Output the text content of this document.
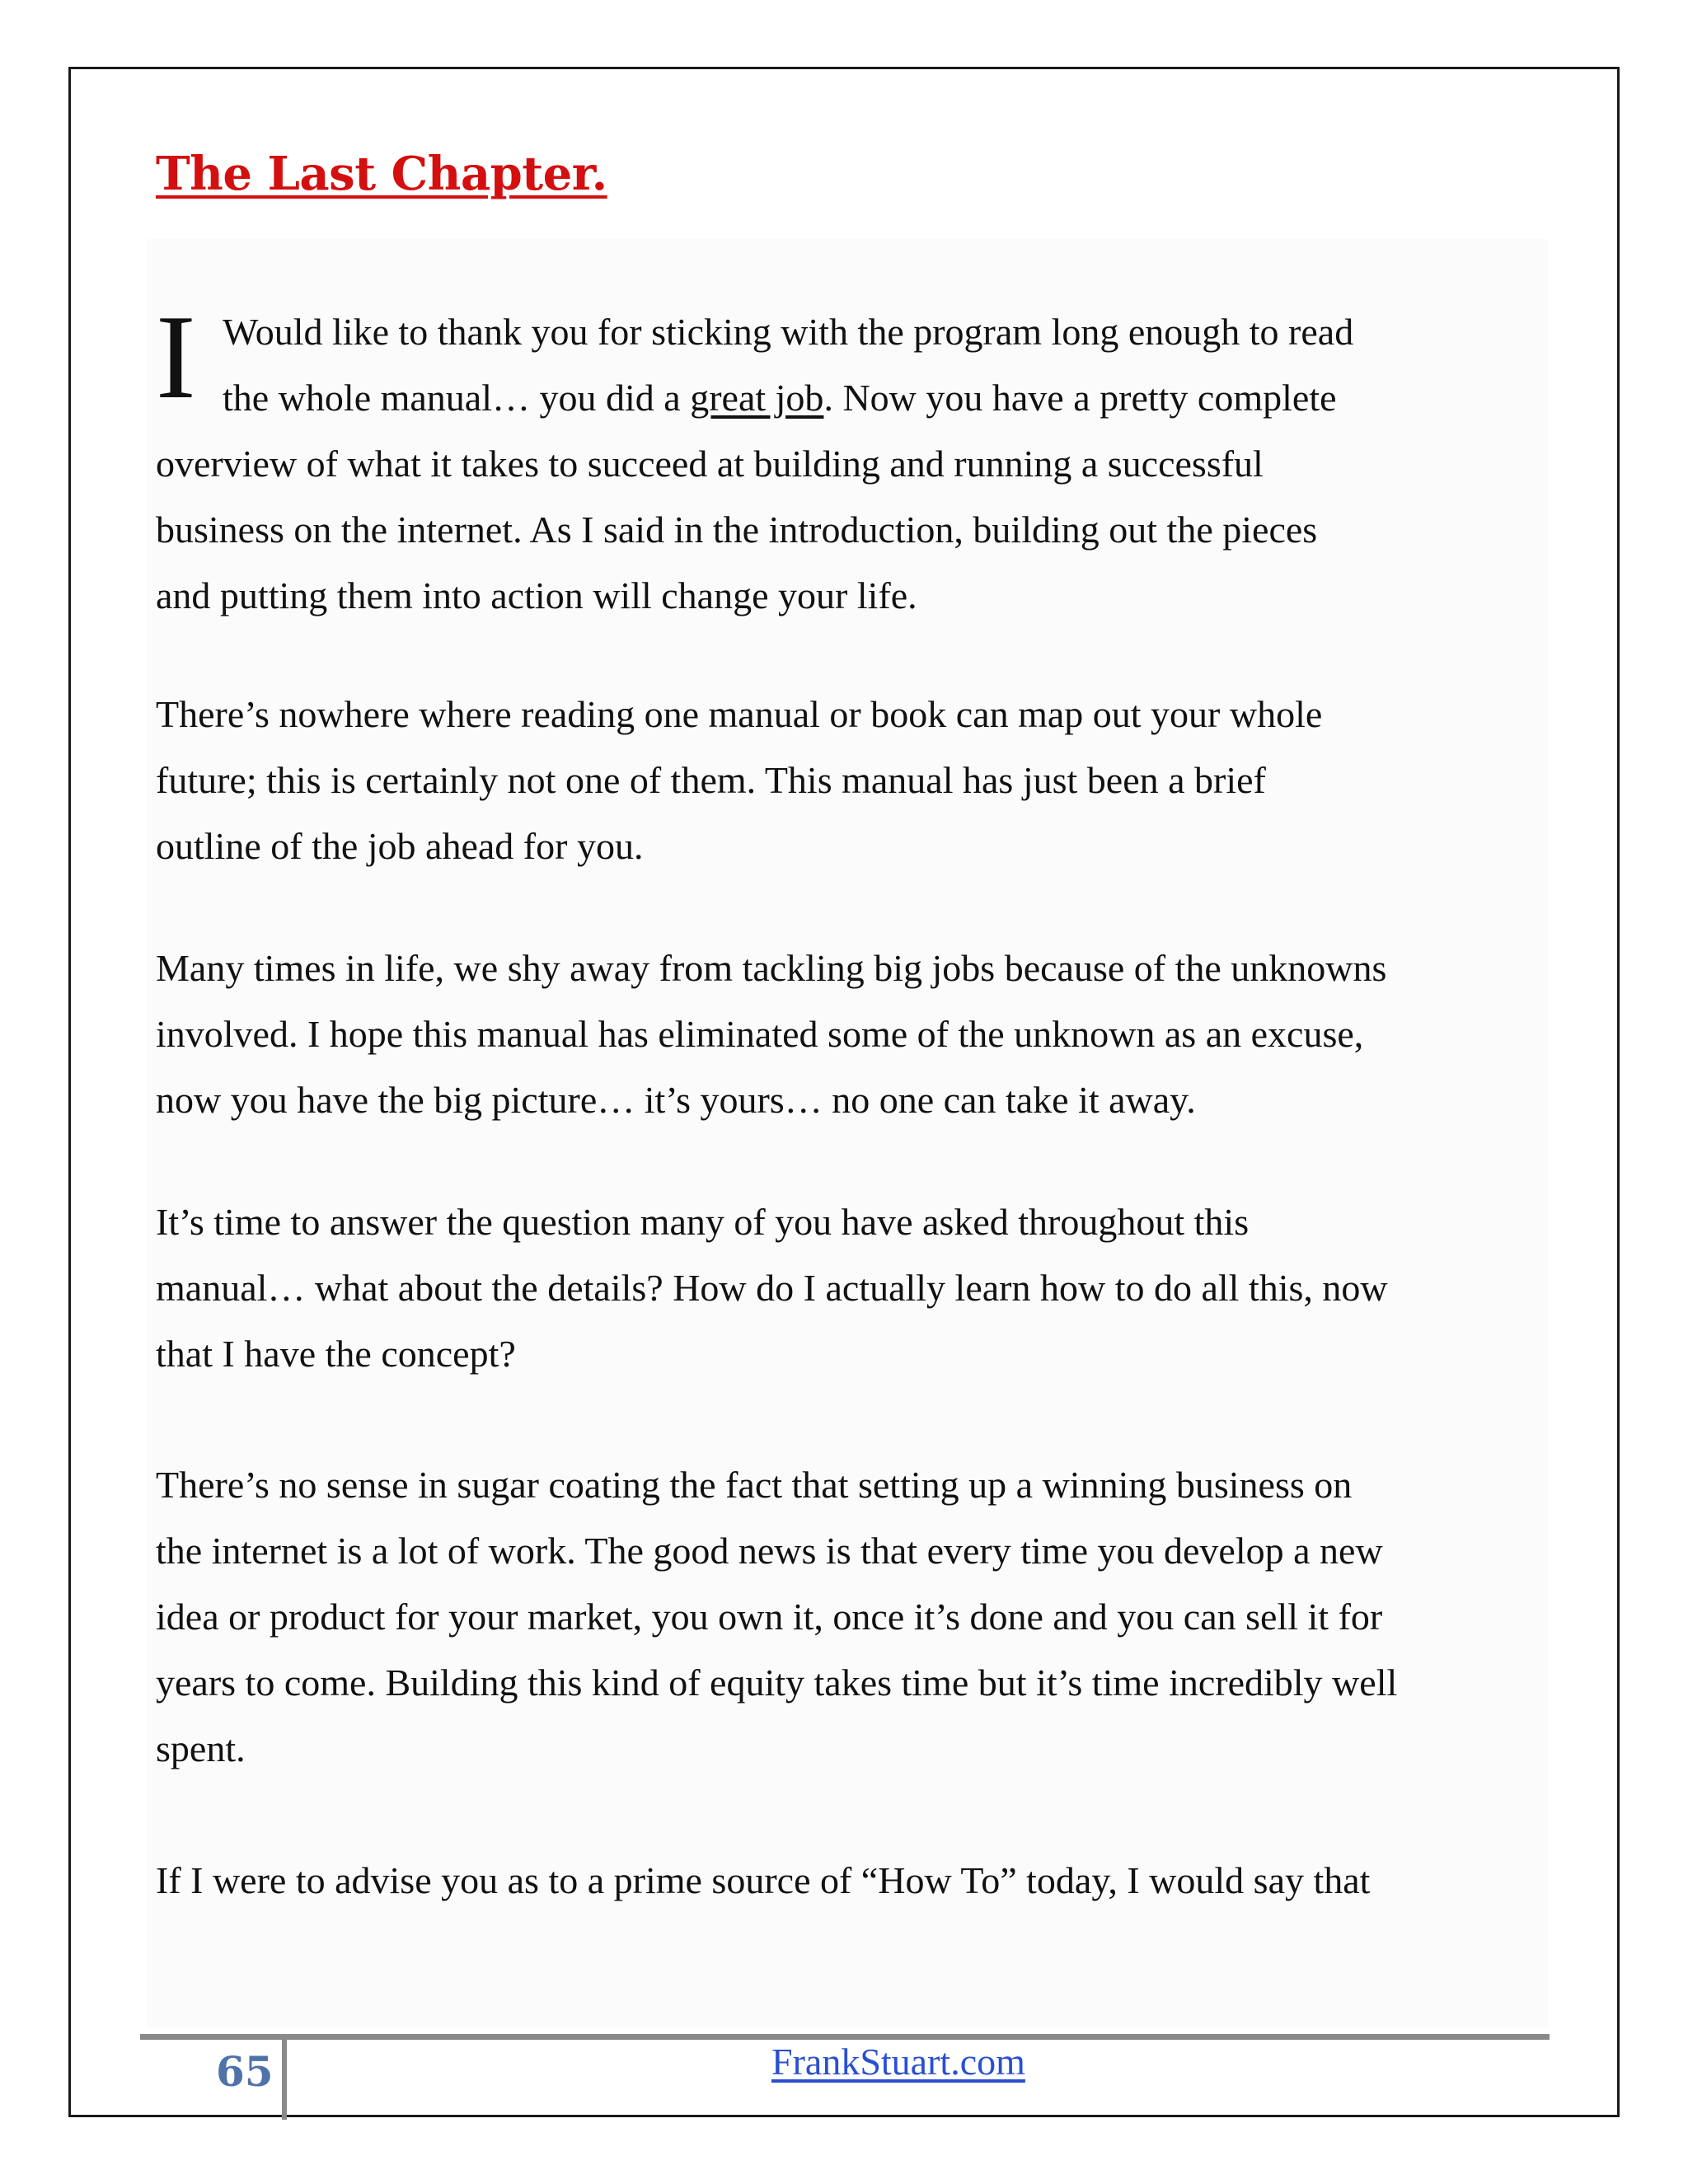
The Last Chapter.
I Would like to thank you for sticking with the program long enough to read
the whole manual… you did a great job. Now you have a pretty complete
overview of what it takes to succeed at building and running a successful
business on the internet. As I said in the introduction, building out the pieces
and putting them into action will change your life.
There’s nowhere where reading one manual or book can map out your whole
future; this is certainly not one of them. This manual has just been a brief
outline of the job ahead for you.
Many times in life, we shy away from tackling big jobs because of the unknowns
involved. I hope this manual has eliminated some of the unknown as an excuse,
now you have the big picture… it’s yours… no one can take it away.
It’s time to answer the question many of you have asked throughout this
manual… what about the details? How do I actually learn how to do all this, now
that I have the concept?
There’s no sense in sugar coating the fact that setting up a winning business on
the internet is a lot of work. The good news is that every time you develop a new
idea or product for your market, you own it, once it’s done and you can sell it for
years to come. Building this kind of equity takes time but it’s time incredibly well
spent.
If I were to advise you as to a prime source of “How To” today, I would say that
65	FrankStuart.com
